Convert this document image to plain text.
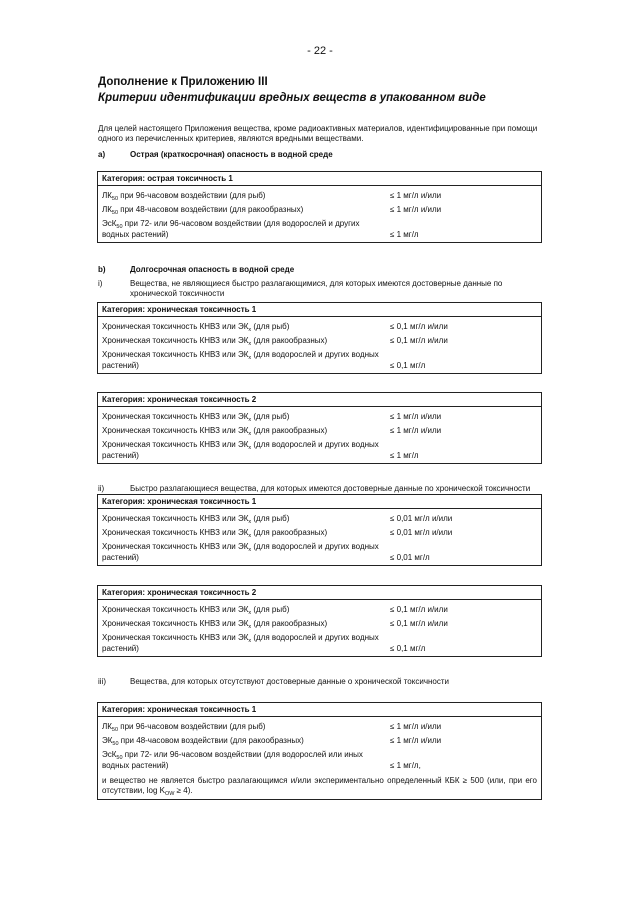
- 22 -
Дополнение к Приложению III
Критерии идентификации вредных веществ в упакованном виде
Для целей настоящего Приложения вещества, кроме радиоактивных материалов, идентифицированные при помощи одного из перечисленных критериев, являются вредными веществами.
a)	Острая (краткосрочная) опасность в водной среде
Категория: острая токсичность 1
$ЛК_{50}$ при 96-часовом воздействии (для рыб)	≤ 1 мг/л и/или
$ЛК_{50}$ при 48-часовом воздействии (для ракообразных)	≤ 1 мг/л и/или
ЭсК$_{50}$ при 72- или 96-часовом воздействии (для водорослей и других водных растений)	≤ 1 мг/л
b)	Долгосрочная опасность в водной среде
i)	Вещества, не являющиеся быстро разлагающимися, для которых имеются достоверные данные по хронической токсичности
Категория: хроническая токсичность 1
Хроническая токсичность КНВЗ или $ЭК_x$ (для рыб)	≤ 0,1 мг/л и/или
Хроническая токсичность КНВЗ или $ЭК_x$ (для ракообразных)	≤ 0,1 мг/л и/или
Хроническая токсичность КНВЗ или $ЭК_x$ (для водорослей и других водных растений)	≤ 0,1 мг/л
Категория: хроническая токсичность 2
Хроническая токсичность КНВЗ или $ЭК_x$ (для рыб)	≤ 1 мг/л и/или
Хроническая токсичность КНВЗ или $ЭК_x$ (для ракообразных)	≤ 1 мг/л и/или
Хроническая токсичность КНВЗ или $ЭК_x$ (для водорослей и других водных растений)	≤ 1 мг/л
ii)	Быстро разлагающиеся вещества, для которых имеются достоверные данные по хронической токсичности
Категория: хроническая токсичность 1
Хроническая токсичность КНВЗ или $ЭК_x$ (для рыб)	≤ 0,01 мг/л и/или
Хроническая токсичность КНВЗ или $ЭК_x$ (для ракообразных)	≤ 0,01 мг/л и/или
Хроническая токсичность КНВЗ или $ЭК_x$ (для водорослей и других водных растений)	≤ 0,01 мг/л
Категория: хроническая токсичность 2
Хроническая токсичность КНВЗ или $ЭК_x$ (для рыб)	≤ 0,1 мг/л и/или
Хроническая токсичность КНВЗ или $ЭК_x$ (для ракообразных)	≤ 0,1 мг/л и/или
Хроническая токсичность КНВЗ или $ЭК_x$ (для водорослей и других водных растений)	≤ 0,1 мг/л
iii)	Вещества, для которых отсутствуют достоверные данные о хронической токсичности
Категория: хроническая токсичность 1
$ЛК_{50}$ при 96-часовом воздействии (для рыб)	≤ 1 мг/л и/или
$ЭК_{50}$ при 48-часовом воздействии (для ракообразных)	≤ 1 мг/л и/или
ЭсК$_{50}$ при 72- или 96-часовом воздействии (для водорослей или иных водных растений)	≤ 1 мг/л,
и вещество не является быстро разлагающимся и/или экспериментально определенный КБК ≥ 500 (или, при его отсутствии, $\log K_{OW} \ge 4$).
